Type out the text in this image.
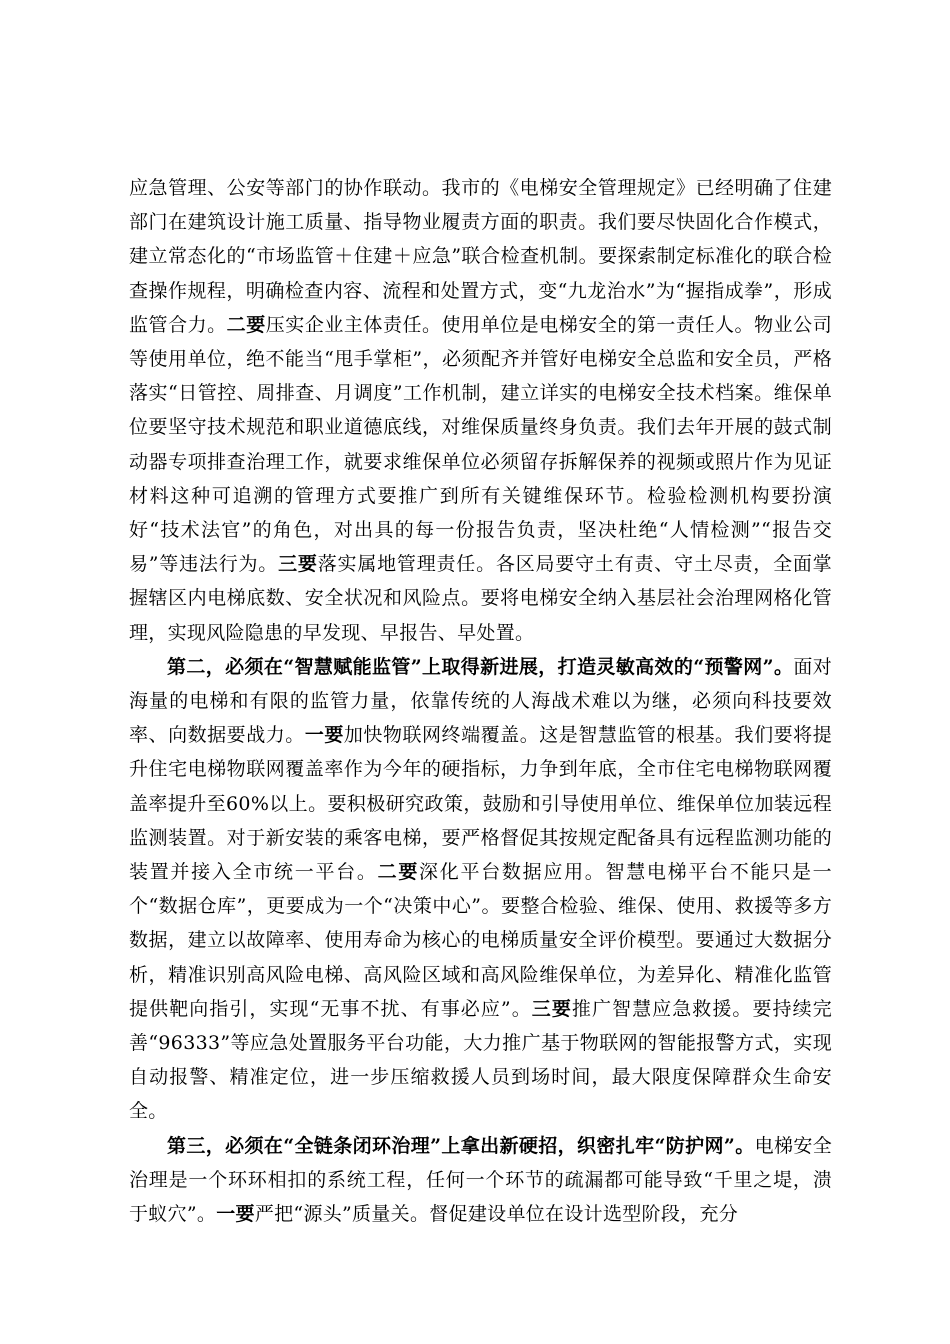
应急管理、公安等部门的协作联动。我市的《电梯安全管理规定》已经明确了住建部门在建筑设计施工质量、指导物业履责方面的职责。我们要尽快固化合作模式，建立常态化的“市场监管＋住建＋应急”联合检查机制。要探索制定标准化的联合检查操作规程，明确检查内容、流程和处置方式，变“九龙治水”为“握指成拳”，形成监管合力。二要压实企业主体责任。使用单位是电梯安全的第一责任人。物业公司等使用单位，绝不能当“甩手掌柜”，必须配齐并管好电梯安全总监和安全员，严格落实“日管控、周排查、月调度”工作机制，建立详实的电梯安全技术档案。维保单位要坚守技术规范和职业道德底线，对维保质量终身负责。我们去年开展的鼓式制动器专项排查治理工作，就要求维保单位必须留存拆解保养的视频或照片作为见证材料这种可追溯的管理方式要推广到所有关键维保环节。检验检测机构要扮演好“技术法官”的角色，对出具的每一份报告负责，坚决杜绝“人情检测”“报告交易”等违法行为。三要落实属地管理责任。各区局要守土有责、守土尽责，全面掌握辖区内电梯底数、安全状况和风险点。要将电梯安全纳入基层社会治理网格化管理，实现风险隐患的早发现、早报告、早处置。

第二，必须在“智慧赋能监管”上取得新进展，打造灵敏高效的“预警网”。面对海量的电梯和有限的监管力量，依靠传统的人海战术难以为继，必须向科技要效率、向数据要战力。一要加快物联网终端覆盖。这是智慧监管的根基。我们要将提升住宅电梯物联网覆盖率作为今年的硬指标，力争到年底，全市住宅电梯物联网覆盖率提升至60%以上。要积极研究政策，鼓励和引导使用单位、维保单位加装远程监测装置。对于新安装的乘客电梯，要严格督促其按规定配备具有远程监测功能的装置并接入全市统一平台。二要深化平台数据应用。智慧电梯平台不能只是一个“数据仓库”，更要成为一个“决策中心”。要整合检验、维保、使用、救援等多方数据，建立以故障率、使用寿命为核心的电梯质量安全评价模型。要通过大数据分析，精准识别高风险电梯、高风险区域和高风险维保单位，为差异化、精准化监管提供靶向指引，实现“无事不扰、有事必应”。三要推广智慧应急救援。要持续完善“96333”等应急处置服务平台功能，大力推广基于物联网的智能报警方式，实现自动报警、精准定位，进一步压缩救援人员到场时间，最大限度保障群众生命安全。

第三，必须在“全链条闭环治理”上拿出新硬招，织密扎牢“防护网”。电梯安全治理是一个环环相扣的系统工程，任何一个环节的疏漏都可能导致“千里之堤，溃于蚁穴”。一要严把“源头”质量关。督促建设单位在设计选型阶段，充分
